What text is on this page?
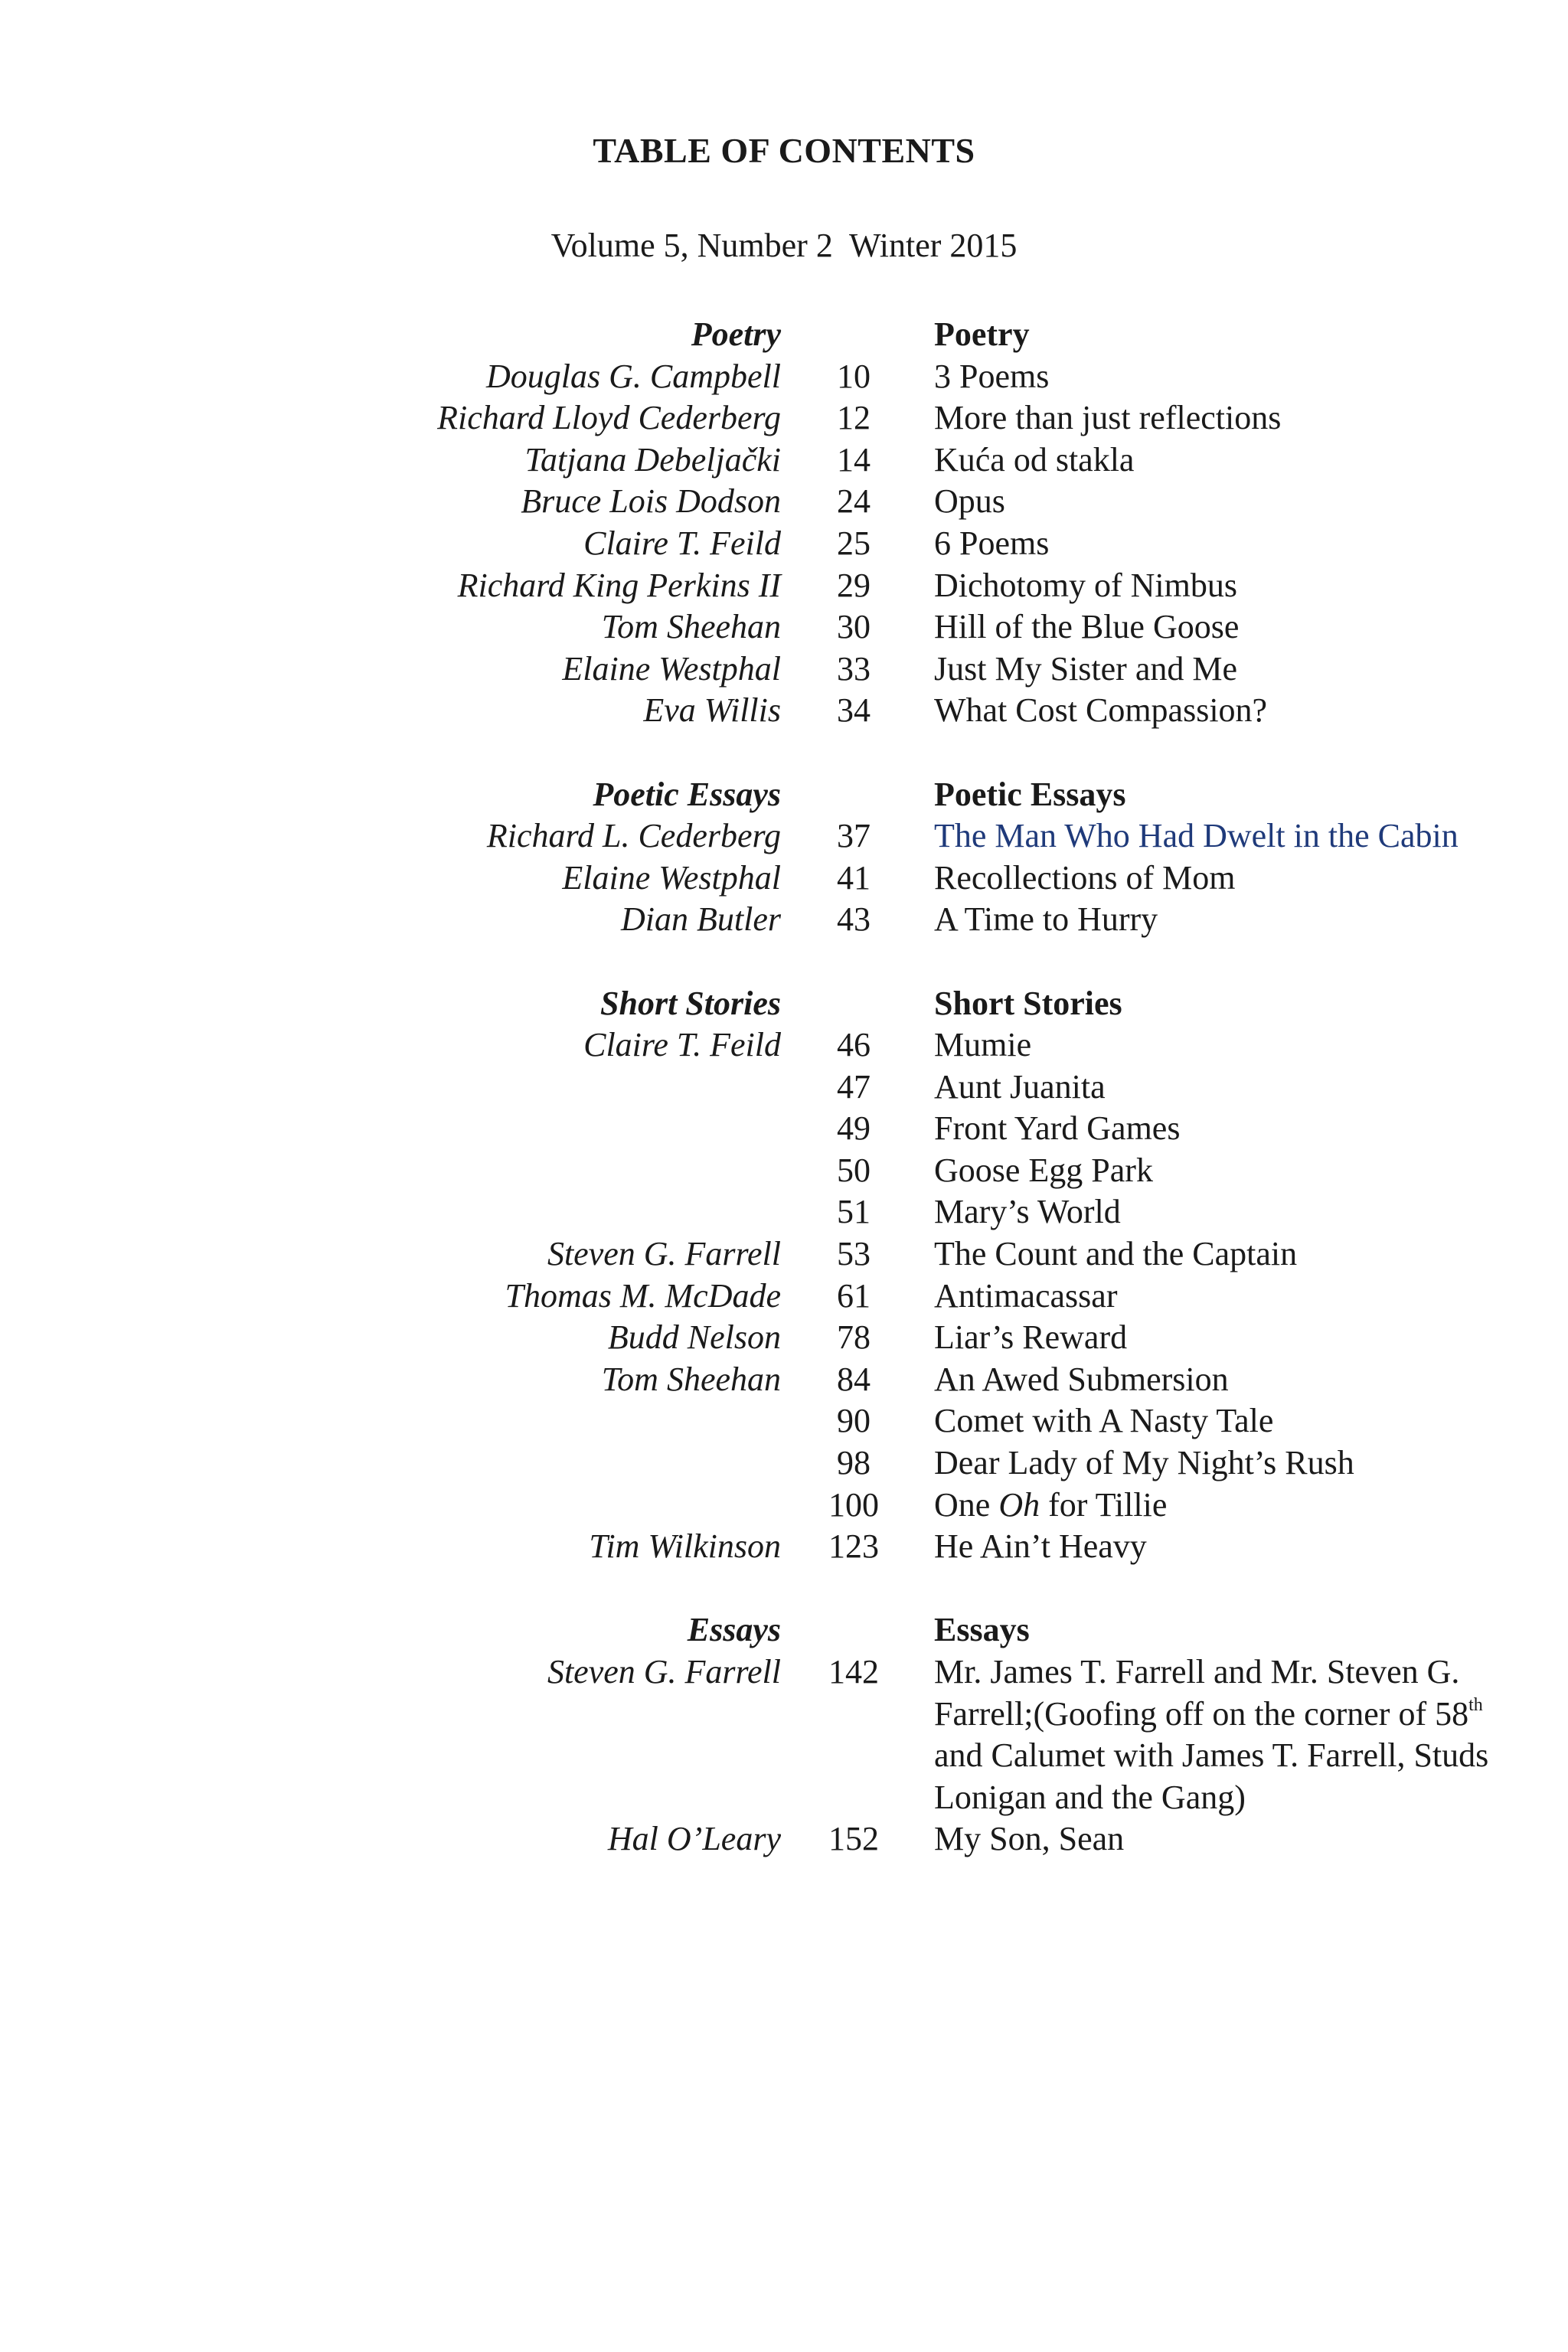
TABLE OF CONTENTS
Volume 5, Number 2  Winter 2015
Poetry	Poetry
Douglas G. Campbell	10	3 Poems
Richard Lloyd Cederberg	12	More than just reflections
Tatjana Debeljački	14	Kuća od stakla
Bruce Lois Dodson	24	Opus
Claire T. Feild	25	6 Poems
Richard King Perkins II	29	Dichotomy of Nimbus
Tom Sheehan	30	Hill of the Blue Goose
Elaine Westphal	33	Just My Sister and Me
Eva Willis	34	What Cost Compassion?
Poetic Essays	Poetic Essays
Richard L. Cederberg	37	The Man Who Had Dwelt in the Cabin
Elaine Westphal	41	Recollections of Mom
Dian Butler	43	A Time to Hurry
Short Stories	Short Stories
Claire T. Feild	46	Mumie
47	Aunt Juanita
49	Front Yard Games
50	Goose Egg Park
51	Mary’s World
Steven G. Farrell	53	The Count and the Captain
Thomas M. McDade	61	Antimacassar
Budd Nelson	78	Liar’s Reward
Tom Sheehan	84	An Awed Submersion
90	Comet with A Nasty Tale
98	Dear Lady of My Night’s Rush
100	One Oh for Tillie
Tim Wilkinson	123	He Ain’t Heavy
Essays	Essays
Steven G. Farrell	142	Mr. James T. Farrell and Mr. Steven G.
Farrell;(Goofing off on the corner of 58th
and Calumet with James T. Farrell, Studs
Lonigan and the Gang)
Hal O’Leary	152	My Son, Sean
